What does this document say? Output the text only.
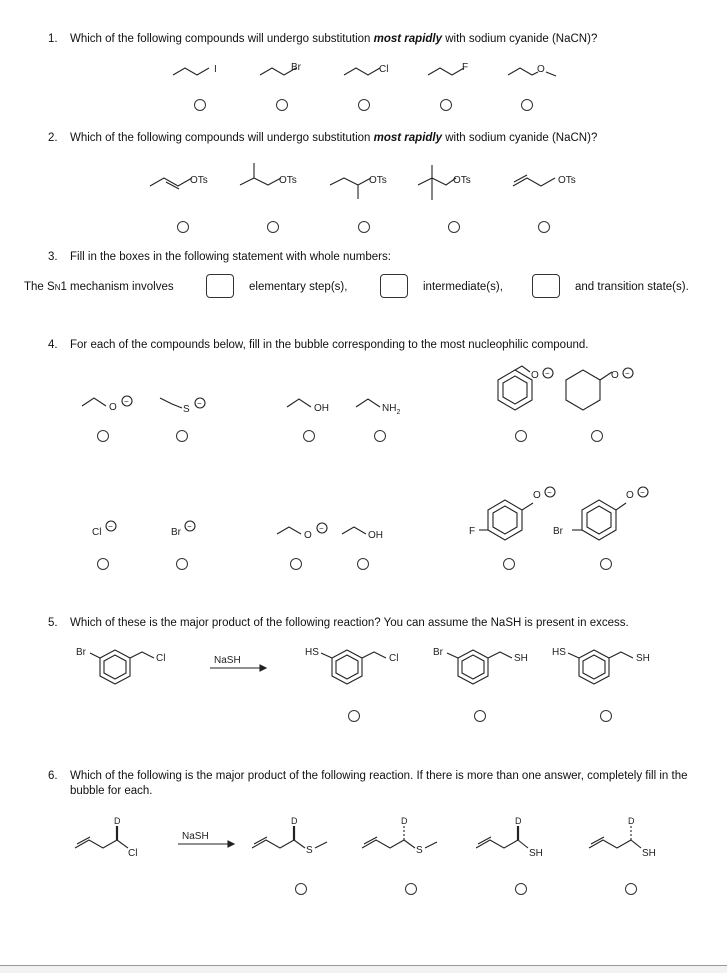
1. Which of the following compounds will undergo substitution most rapidly with sodium cyanide (NaCN)?
2. Which of the following compounds will undergo substitution most rapidly with sodium cyanide (NaCN)?
3. Fill in the boxes in the following statement with whole numbers:
The SN1 mechanism involves	elementary step(s),	intermediate(s),	and transition state(s).
4. For each of the compounds below, fill in the bubble corresponding to the most nucleophilic compound.
5. Which of these is the major product of the following reaction? You can assume the NaSH is present in excess.
6. Which of the following is the major product of the following reaction. If there is more than one answer, completely fill in the bubble for each.
I	Br	Cl	F	O
OTs	OTs	OTs	OTs	OTs
O
−
S
−	OH	$NH_2$
O −	O −
Cl
−
Br
−
O
−
OH
O −
F
O −
Br
Br
Cl	NaSH
HS
Cl
Br
SH
HS
SH
D
Cl
NaSH
D
S
D
S
D
SH
D
SH
